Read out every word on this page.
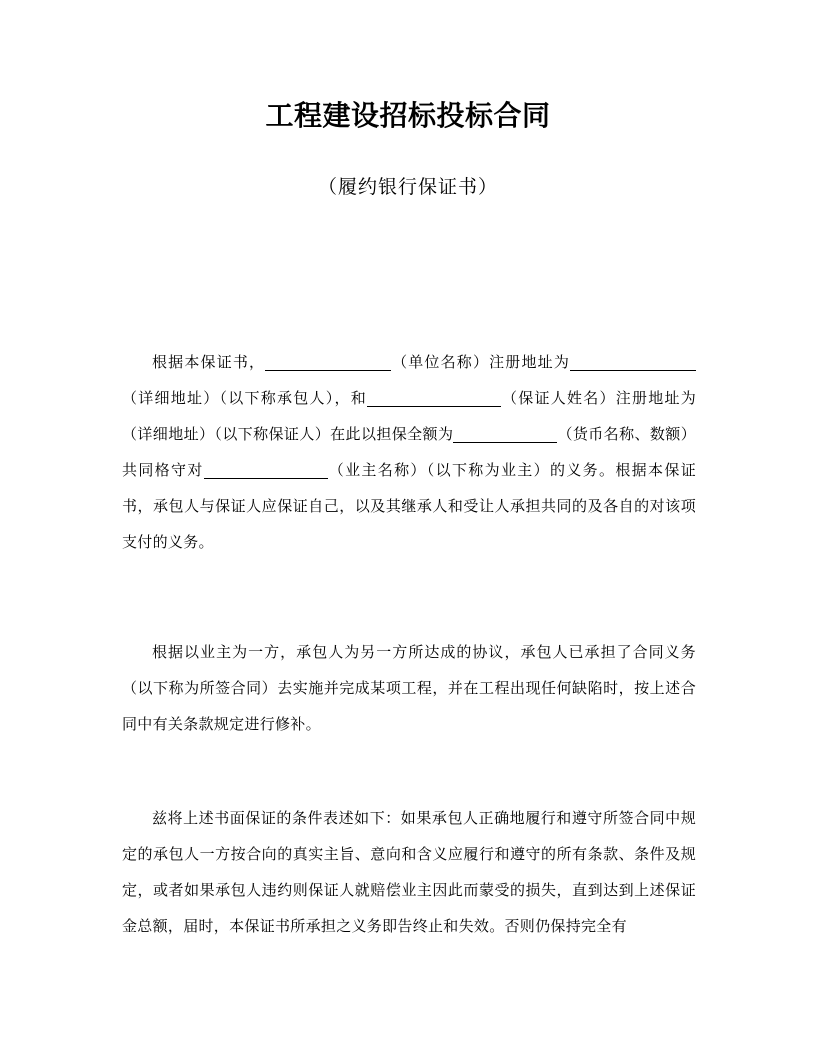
工程建设招标投标合同
（履约银行保证书）

根据本保证书，	（单位名称）注册地址为（详细地址）（以下称承包人），和	（保证人姓名）注册地址为（详细地址）（以下称保证人）在此以担保全额为	（货币名称、数额）共同格守对	（业主名称）（以下称为业主）的义务。根据本保证书，承包人与保证人应保证自己，以及其继承人和受让人承担共同的及各自的对该项支付的义务。

根据以业主为一方，承包人为另一方所达成的协议，承包人已承担了合同义务（以下称为所签合同）去实施并完成某项工程，并在工程出现任何缺陷时，按上述合同中有关条款规定进行修补。

兹将上述书面保证的条件表述如下：如果承包人正确地履行和遵守所签合同中规定的承包人一方按合向的真实主旨、意向和含义应履行和遵守的所有条款、条件及规定，或者如果承包人违约则保证人就赔偿业主因此而蒙受的损失，直到达到上述保证金总额，届时，本保证书所承担之义务即告终止和失效。否则仍保持完全有
